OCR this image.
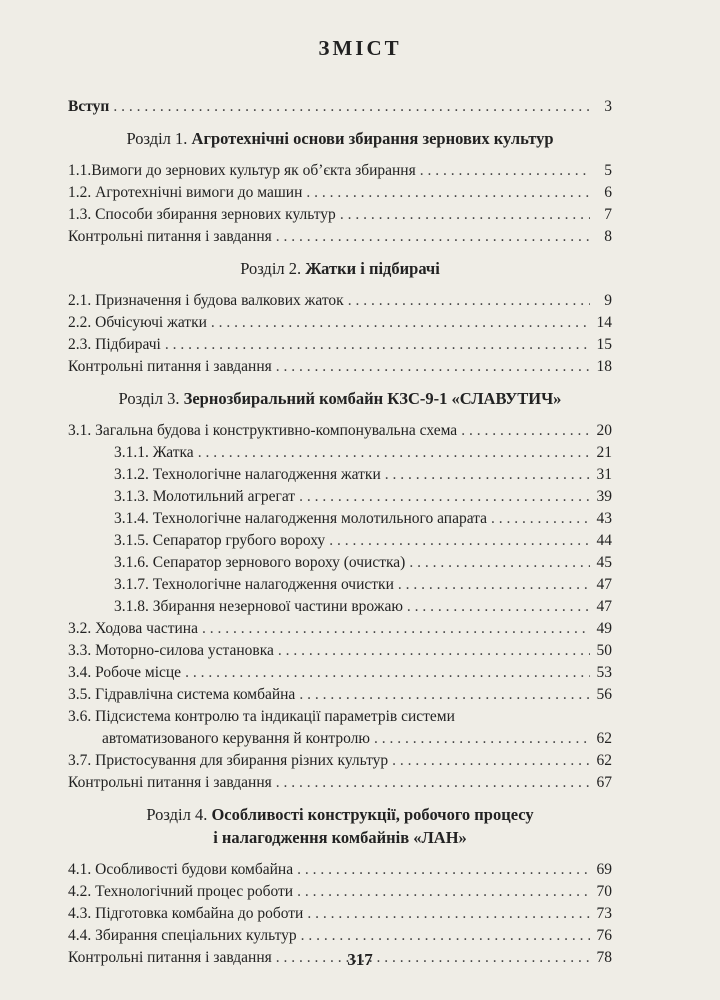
ЗМІСТ
Вступ . . .	3
Розділ 1. Агротехнічні основи збирання зернових культур
1.1.Вимоги до зернових культур як об’єкта збирання . . .	5
1.2. Агротехнічні вимоги до машин . . .	6
1.3. Способи збирання зернових культур . . .	7
Контрольні питання і завдання . . .	8
Розділ 2. Жатки і підбирачі
2.1. Призначення і будова валкових жаток . . .	9
2.2. Обчісуючі жатки . . .	14
2.3. Підбирачі . . .	15
Контрольні питання і завдання . . .	18
Розділ 3. Зернозбиральний комбайн КЗС-9-1 «СЛАВУТИЧ»
3.1. Загальна будова і конструктивно-компонувальна схема . . .	20
3.1.1. Жатка . . .	21
3.1.2. Технологічне налагодження жатки . . .	31
3.1.3. Молотильний агрегат . . .	39
3.1.4. Технологічне налагодження молотильного апарата . . .	43
3.1.5. Сепаратор грубого вороху . . .	44
3.1.6. Сепаратор зернового вороху (очистка) . . .	45
3.1.7. Технологічне налагодження очистки . . .	47
3.1.8. Збирання незернової частини врожаю . . .	47
3.2. Ходова частина . . .	49
3.3. Моторно-силова установка . . .	50
3.4. Робоче місце . . .	53
3.5. Гідравлічна система комбайна . . .	56
3.6. Підсистема контролю та індикації параметрів системи
автоматизованого керування й контролю . . .	62
3.7. Пристосування для збирання різних культур . . .	62
Контрольні питання і завдання . . .	67
Розділ 4. Особливості конструкції, робочого процесу
і налагодження комбайнів «ЛАН»
4.1. Особливості будови комбайна . . .	69
4.2. Технологічний процес роботи . . .	70
4.3. Підготовка комбайна до роботи . . .	73
4.4. Збирання спеціальних культур . . .	76
Контрольні питання і завдання . . .	78
317
